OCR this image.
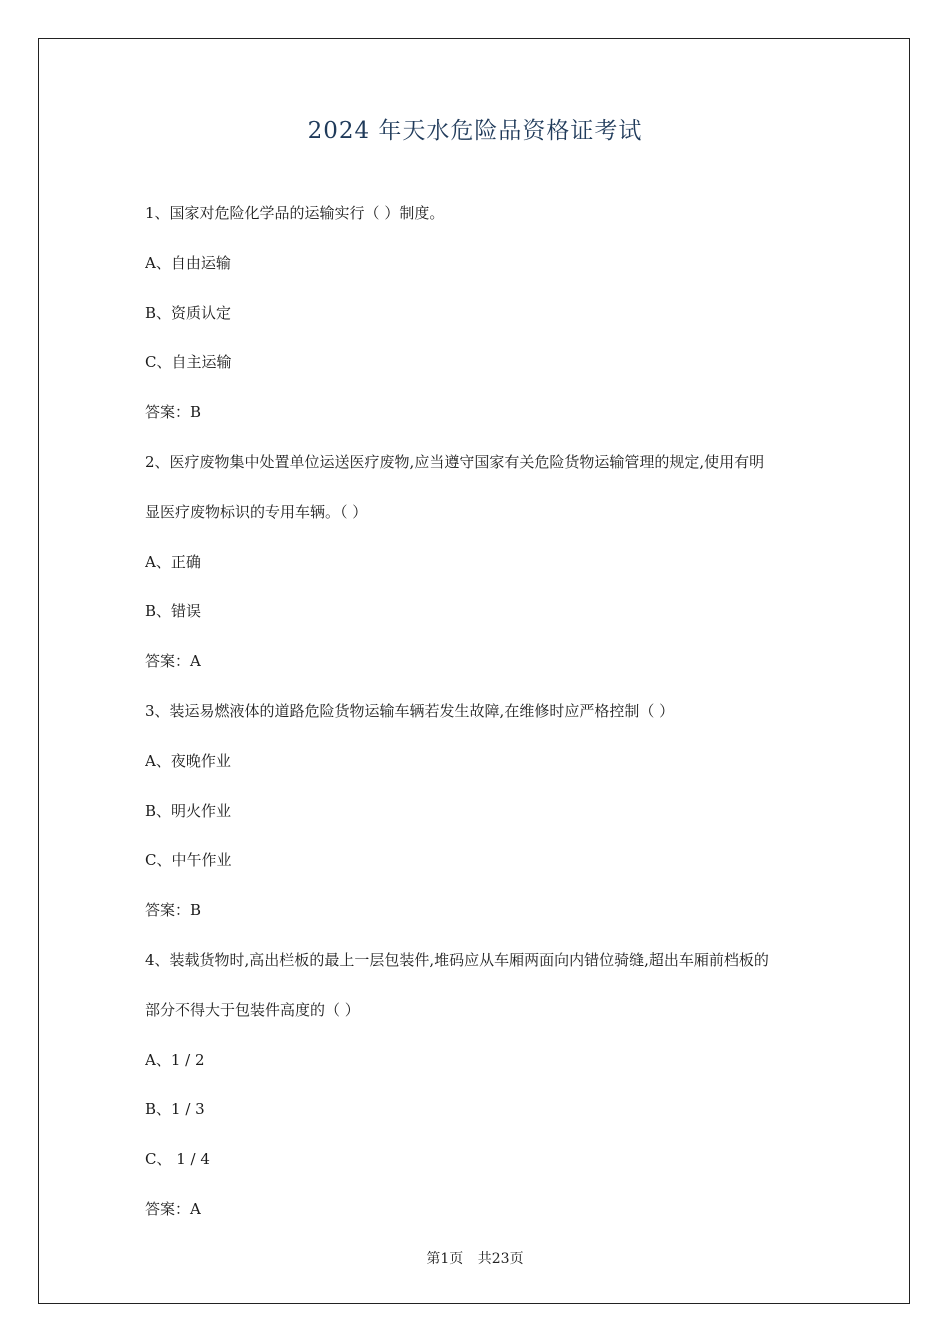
2024 年天水危险品资格证考试
1、国家对危险化学品的运输实行（ ）制度。
A、自由运输
B、资质认定
C、自主运输
答案：B
2、医疗废物集中处置单位运送医疗废物,应当遵守国家有关危险货物运输管理的规定,使用有明
显医疗废物标识的专用车辆。（ ）
A、正确
B、错误
答案：A
3、装运易燃液体的道路危险货物运输车辆若发生故障,在维修时应严格控制（ ）
A、夜晚作业
B、明火作业
C、中午作业
答案：B
4、装载货物时,高出栏板的最上一层包装件,堆码应从车厢两面向内错位骑缝,超出车厢前档板的
部分不得大于包装件高度的（ ）
A、1 / 2
B、1 / 3
C、 1 / 4
答案：A
第1页 共23页
